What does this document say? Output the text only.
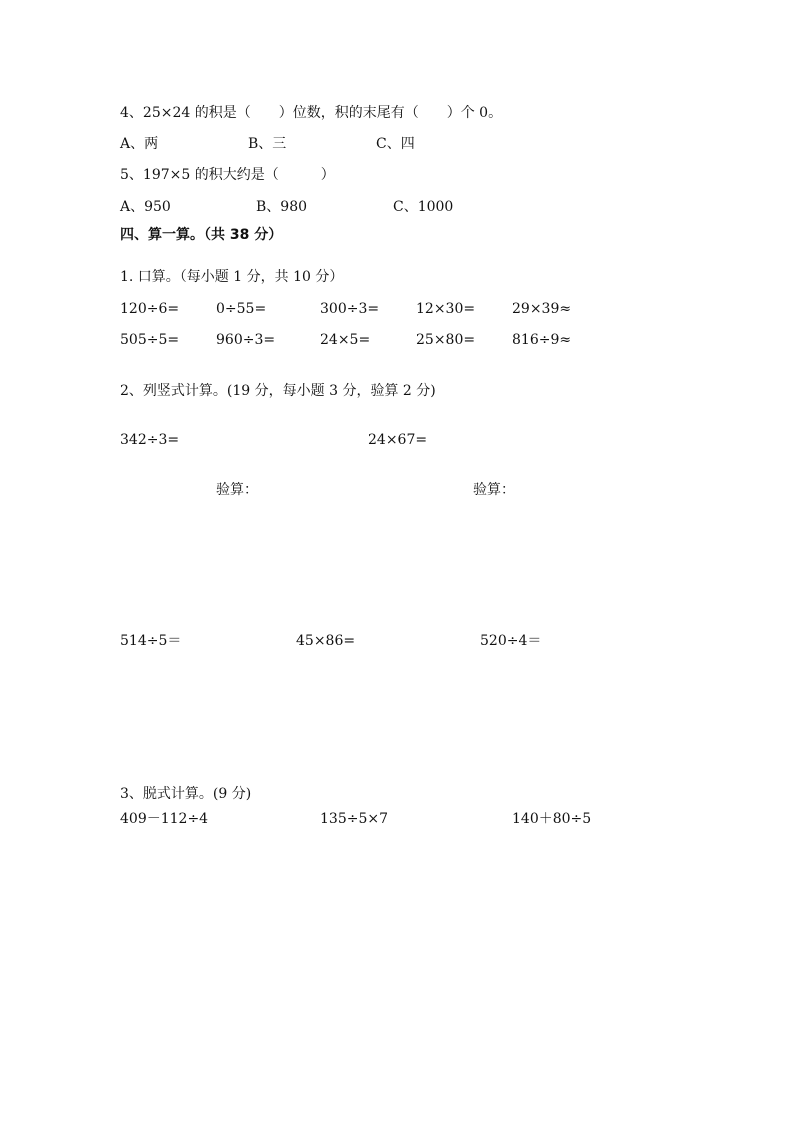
4、25×24 的积是（　　）位数，积的末尾有（　　）个 0。
A、两	B、三	C、四
5、197×5 的积大约是（　　　）
A、950	B、980	C、1000
四、算一算。（共 38 分）
1. 口算。（每小题 1 分，共 10 分）
120÷6=	0÷55=	300÷3=	12×30=	29×39≈
505÷5=	960÷3=	24×5=	25×80=	816÷9≈
2、列竖式计算。(19 分，每小题 3 分，验算 2 分)
342÷3=	24×67=
验算：	验算：
514÷5＝	45×86=	520÷4＝
3、脱式计算。(9 分)
409－112÷4	135÷5×7	140＋80÷5
